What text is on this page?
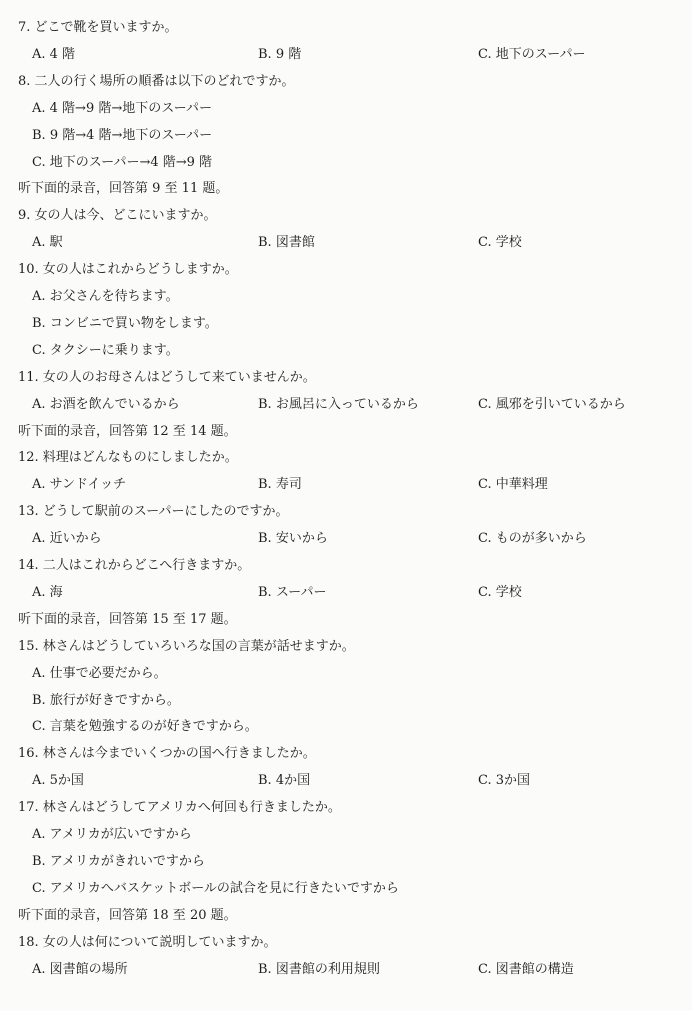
7. どこで靴を買いますか。
A. 4 階	B. 9 階	C. 地下のスーパー
8. 二人の行く場所の順番は以下のどれですか。
A. 4 階→9 階→地下のスーパー
B. 9 階→4 階→地下のスーパー
C. 地下のスーパー→4 階→9 階
听下面的录音，回答第 9 至 11 题。
9. 女の人は今、どこにいますか。
A. 駅	B. 図書館	C. 学校
10. 女の人はこれからどうしますか。
A. お父さんを待ちます。
B. コンビニで買い物をします。
C. タクシーに乗ります。
11. 女の人のお母さんはどうして来ていませんか。
A. お酒を飲んでいるから	B. お風呂に入っているから	C. 風邪を引いているから
听下面的录音，回答第 12 至 14 题。
12. 料理はどんなものにしましたか。
A. サンドイッチ	B. 寿司	C. 中華料理
13. どうして駅前のスーパーにしたのですか。
A. 近いから	B. 安いから	C. ものが多いから
14. 二人はこれからどこへ行きますか。
A. 海	B. スーパー	C. 学校
听下面的录音，回答第 15 至 17 题。
15. 林さんはどうしていろいろな国の言葉が話せますか。
A. 仕事で必要だから。
B. 旅行が好きですから。
C. 言葉を勉強するのが好きですから。
16. 林さんは今までいくつかの国へ行きましたか。
A. 5か国	B. 4か国	C. 3か国
17. 林さんはどうしてアメリカへ何回も行きましたか。
A. アメリカが広いですから
B. アメリカがきれいですから
C. アメリカへバスケットボールの試合を見に行きたいですから
听下面的录音，回答第 18 至 20 题。
18. 女の人は何について説明していますか。
A. 図書館の場所	B. 図書館の利用規則	C. 図書館の構造
